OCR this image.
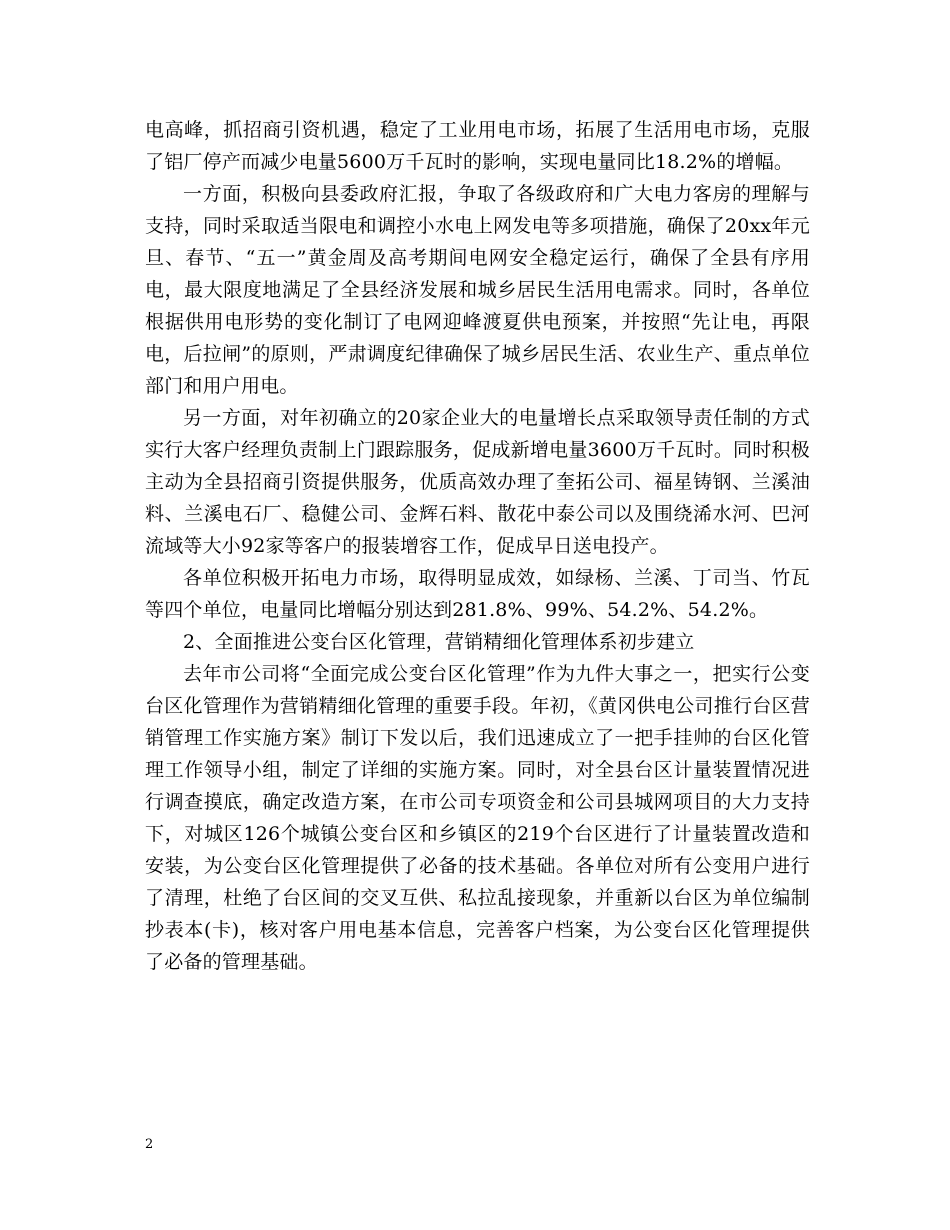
电高峰，抓招商引资机遇，稳定了工业用电市场，拓展了生活用电市场，克服了铝厂停产而减少电量5600万千瓦时的影响，实现电量同比18.2%的增幅。

一方面，积极向县委政府汇报，争取了各级政府和广大电力客房的理解与支持，同时采取适当限电和调控小水电上网发电等多项措施，确保了20xx年元旦、春节、“五一”黄金周及高考期间电网安全稳定运行，确保了全县有序用电，最大限度地满足了全县经济发展和城乡居民生活用电需求。同时，各单位根据供用电形势的变化制订了电网迎峰渡夏供电预案，并按照“先让电，再限电，后拉闸”的原则，严肃调度纪律确保了城乡居民生活、农业生产、重点单位部门和用户用电。

另一方面，对年初确立的20家企业大的电量增长点采取领导责任制的方式实行大客户经理负责制上门跟踪服务，促成新增电量3600万千瓦时。同时积极主动为全县招商引资提供服务，优质高效办理了奎拓公司、福星铸钢、兰溪油料、兰溪电石厂、稳健公司、金辉石料、散花中泰公司以及围绕浠水河、巴河流域等大小92家等客户的报装增容工作，促成早日送电投产。

各单位积极开拓电力市场，取得明显成效，如绿杨、兰溪、丁司当、竹瓦等四个单位，电量同比增幅分别达到281.8%、99%、54.2%、54.2%。

2、全面推进公变台区化管理，营销精细化管理体系初步建立

去年市公司将“全面完成公变台区化管理”作为九件大事之一，把实行公变台区化管理作为营销精细化管理的重要手段。年初，《黄冈供电公司推行台区营销管理工作实施方案》制订下发以后，我们迅速成立了一把手挂帅的台区化管理工作领导小组，制定了详细的实施方案。同时，对全县台区计量装置情况进行调查摸底，确定改造方案，在市公司专项资金和公司县城网项目的大力支持下，对城区126个城镇公变台区和乡镇区的219个台区进行了计量装置改造和安装，为公变台区化管理提供了必备的技术基础。各单位对所有公变用户进行了清理，杜绝了台区间的交叉互供、私拉乱接现象，并重新以台区为单位编制抄表本(卡)，核对客户用电基本信息，完善客户档案，为公变台区化管理提供了必备的管理基础。

2
